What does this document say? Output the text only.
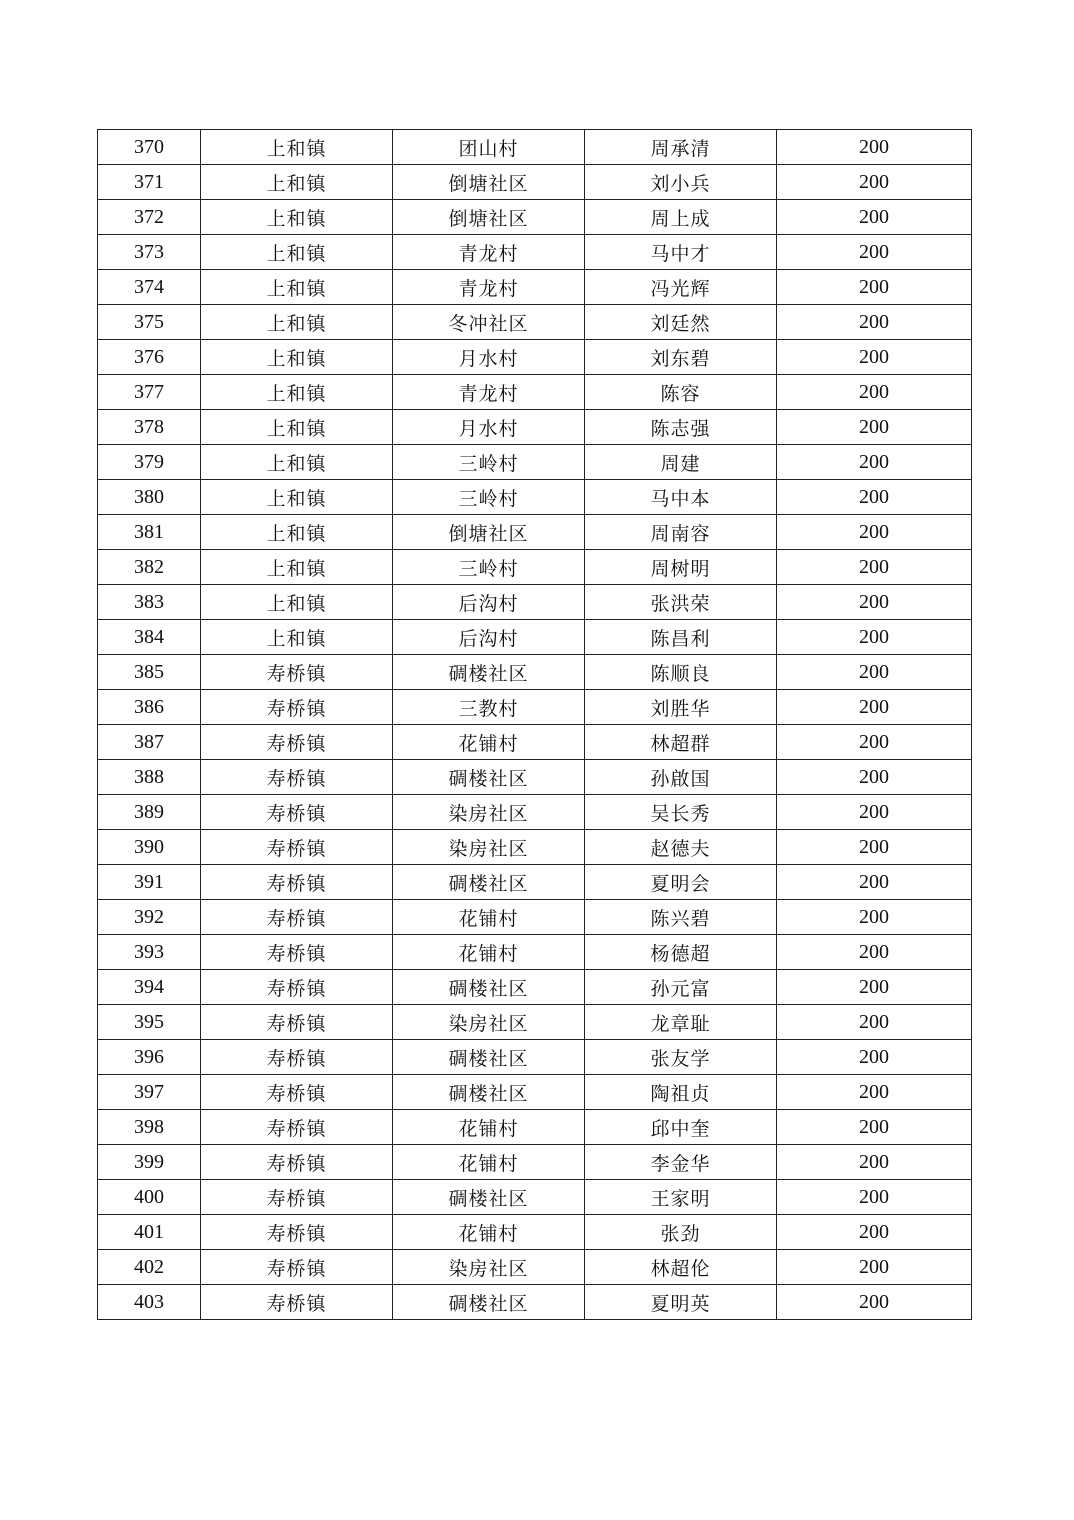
370	上和镇	团山村	周承清	200
371	上和镇	倒塘社区	刘小兵	200
372	上和镇	倒塘社区	周上成	200
373	上和镇	青龙村	马中才	200
374	上和镇	青龙村	冯光辉	200
375	上和镇	冬冲社区	刘廷然	200
376	上和镇	月水村	刘东碧	200
377	上和镇	青龙村	陈容	200
378	上和镇	月水村	陈志强	200
379	上和镇	三岭村	周建	200
380	上和镇	三岭村	马中本	200
381	上和镇	倒塘社区	周南容	200
382	上和镇	三岭村	周树明	200
383	上和镇	后沟村	张洪荣	200
384	上和镇	后沟村	陈昌利	200
385	寿桥镇	碉楼社区	陈顺良	200
386	寿桥镇	三教村	刘胜华	200
387	寿桥镇	花铺村	林超群	200
388	寿桥镇	碉楼社区	孙啟国	200
389	寿桥镇	染房社区	吴长秀	200
390	寿桥镇	染房社区	赵德夫	200
391	寿桥镇	碉楼社区	夏明会	200
392	寿桥镇	花铺村	陈兴碧	200
393	寿桥镇	花铺村	杨德超	200
394	寿桥镇	碉楼社区	孙元富	200
395	寿桥镇	染房社区	龙章耻	200
396	寿桥镇	碉楼社区	张友学	200
397	寿桥镇	碉楼社区	陶祖贞	200
398	寿桥镇	花铺村	邱中奎	200
399	寿桥镇	花铺村	李金华	200
400	寿桥镇	碉楼社区	王家明	200
401	寿桥镇	花铺村	张劲	200
402	寿桥镇	染房社区	林超伦	200
403	寿桥镇	碉楼社区	夏明英	200
